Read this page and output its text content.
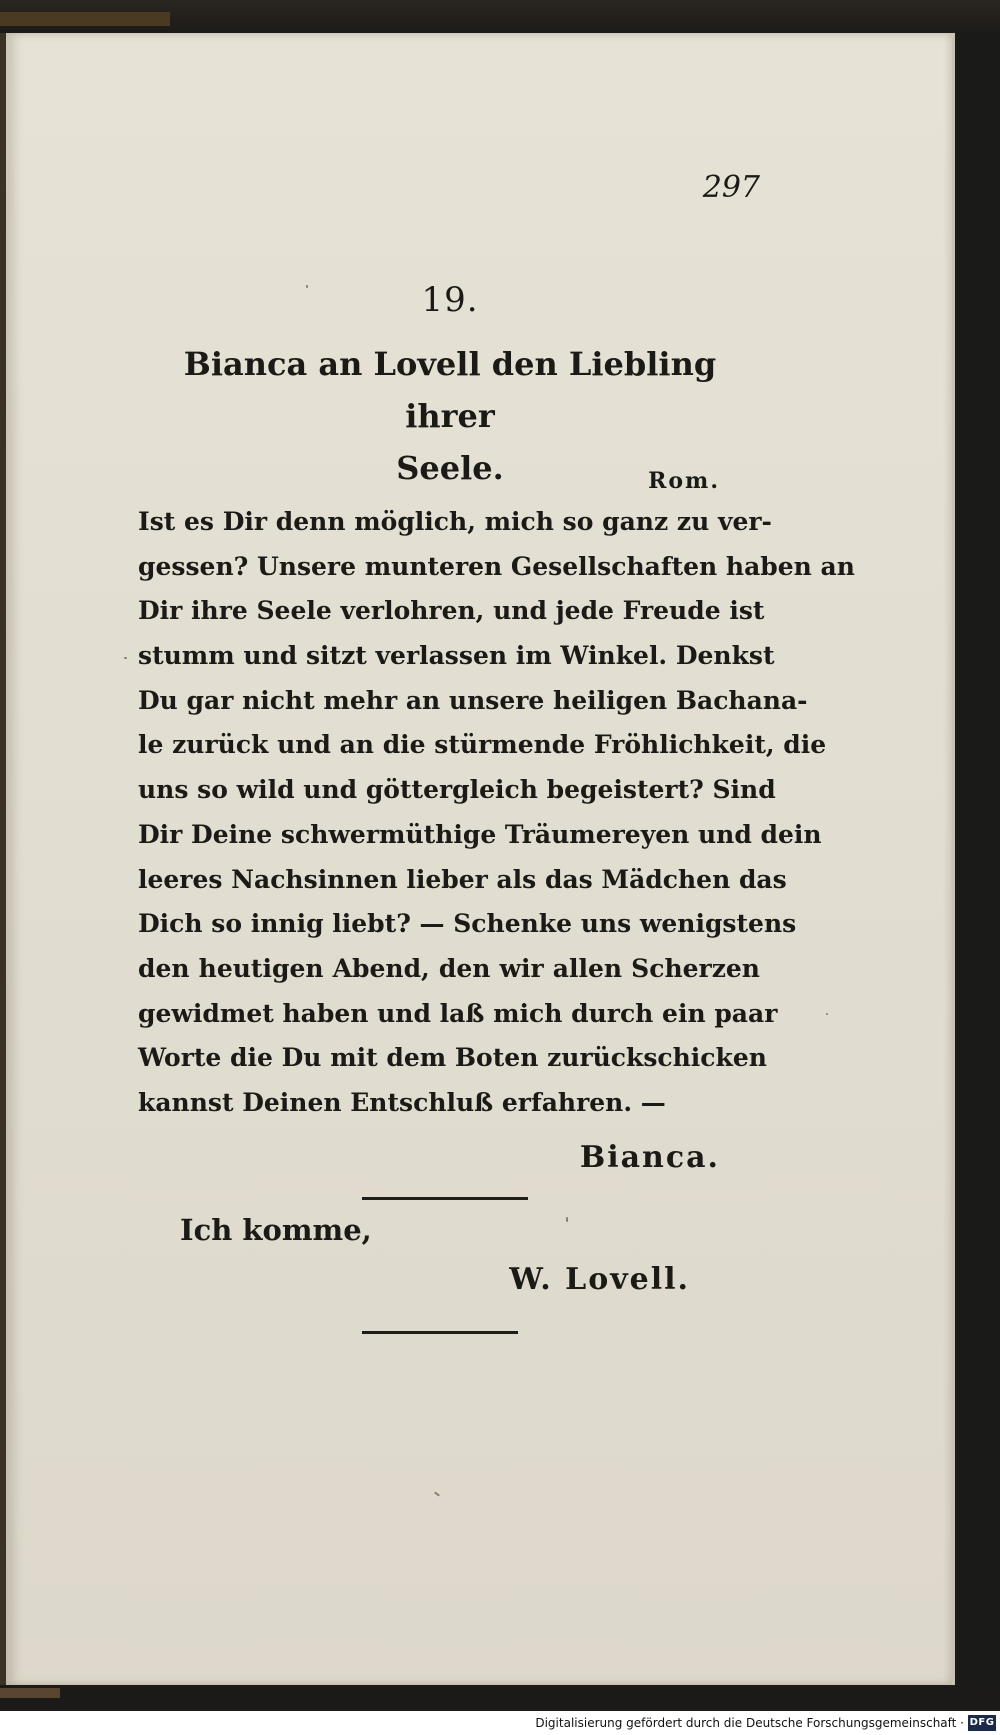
297
19.
Bianca an Lovell den Liebling ihrer
Seele.	Rom.
Ist es Dir denn möglich, mich so ganz zu ver-
gessen? Unsere munteren Gesellschaften haben an
Dir ihre Seele verlohren, und jede Freude ist
stumm und sitzt verlassen im Winkel. Denkst
Du gar nicht mehr an unsere heiligen Bachana-
le zurück und an die stürmende Fröhlichkeit, die
uns so wild und göttergleich begeistert? Sind
Dir Deine schwermüthige Träumereyen und dein
leeres Nachsinnen lieber als das Mädchen das
Dich so innig liebt? — Schenke uns wenigstens
den heutigen Abend, den wir allen Scherzen
gewidmet haben und laß mich durch ein paar
Worte die Du mit dem Boten zurückschicken
kannst Deinen Entschluß erfahren. —
Bianca.
Ich komme,
W. Lovell.
Digitalisierung gefördert durch die Deutsche Forschungsgemeinschaft · DFG
